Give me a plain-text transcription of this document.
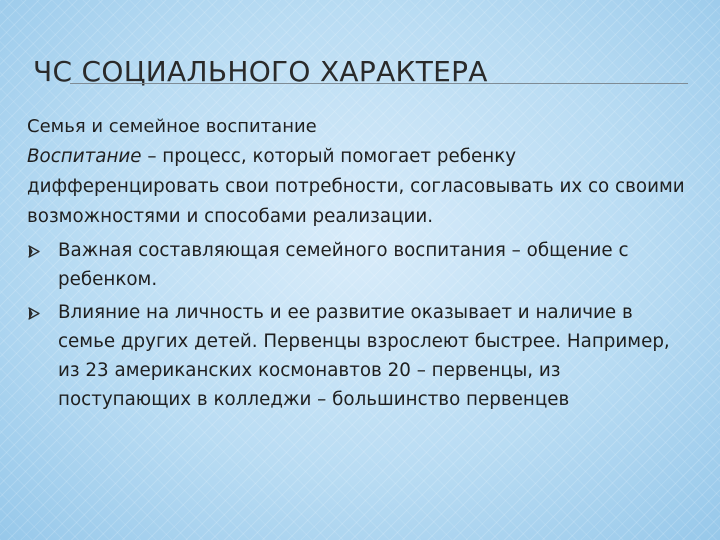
ЧС СОЦИАЛЬНОГО ХАРАКТЕРА

Семья и семейное воспитание

Воспитание – процесс, который помогает ребенку дифференцировать свои потребности, согласовывать их со своими возможностями и способами реализации.

Важная составляющая семейного воспитания – общение с ребенком.
Влияние на личность и ее развитие оказывает и наличие в семье других детей. Первенцы взрослеют быстрее. Например, из 23 американских космонавтов 20 – первенцы, из поступающих в колледжи – большинство первенцев
